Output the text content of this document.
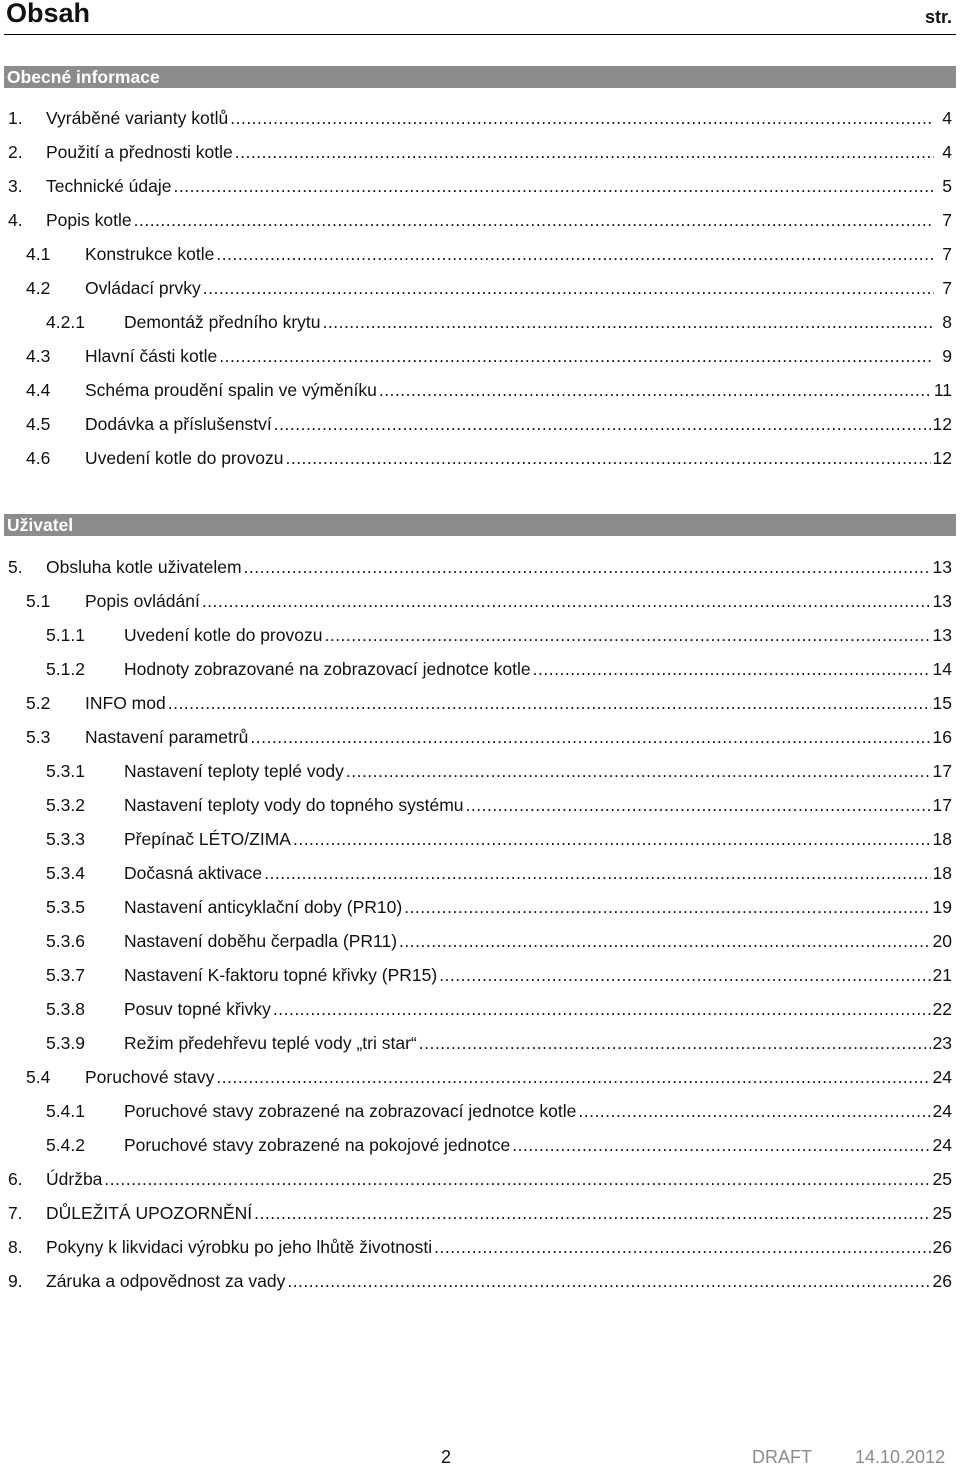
Obsah	str.
Obecné informace
1. Vyráběné varianty kotlů .....	4
2. Použití a přednosti kotle .....	4
3. Technické údaje .....	5
4. Popis kotle .....	7
4.1 Konstrukce kotle .....	7
4.2 Ovládací prvky .....	7
4.2.1 Demontáž předního krytu .....	8
4.3 Hlavní části kotle .....	9
4.4 Schéma proudění spalin ve výměníku .....	11
4.5 Dodávka a příslušenství .....	12
4.6 Uvedení kotle do provozu .....	12
Uživatel
5. Obsluha kotle uživatelem .....	13
5.1 Popis ovládání .....	13
5.1.1 Uvedení kotle do provozu .....	13
5.1.2 Hodnoty zobrazované na zobrazovací jednotce kotle .....	14
5.2 INFO mod .....	15
5.3 Nastavení parametrů .....	16
5.3.1 Nastavení teploty teplé vody .....	17
5.3.2 Nastavení teploty vody do topného systému .....	17
5.3.3 Přepínač LÉTO/ZIMA .....	18
5.3.4 Dočasná aktivace .....	18
5.3.5 Nastavení anticyklační doby (PR10) .....	19
5.3.6 Nastavení doběhu čerpadla (PR11) .....	20
5.3.7 Nastavení K-faktoru topné křivky (PR15) .....	21
5.3.8 Posuv topné křivky .....	22
5.3.9 Režim předehřevu teplé vody „tri star“ .....	23
5.4 Poruchové stavy .....	24
5.4.1 Poruchové stavy zobrazené na zobrazovací jednotce kotle .....	24
5.4.2 Poruchové stavy zobrazené na pokojové jednotce .....	24
6. Údržba .....	25
7. DŮLEŽITÁ UPOZORNĚNÍ .....	25
8. Pokyny k likvidaci výrobku po jeho lhůtě životnosti .....	26
9. Záruka a odpovědnost za vady .....	26
2	DRAFT 14.10.2012
